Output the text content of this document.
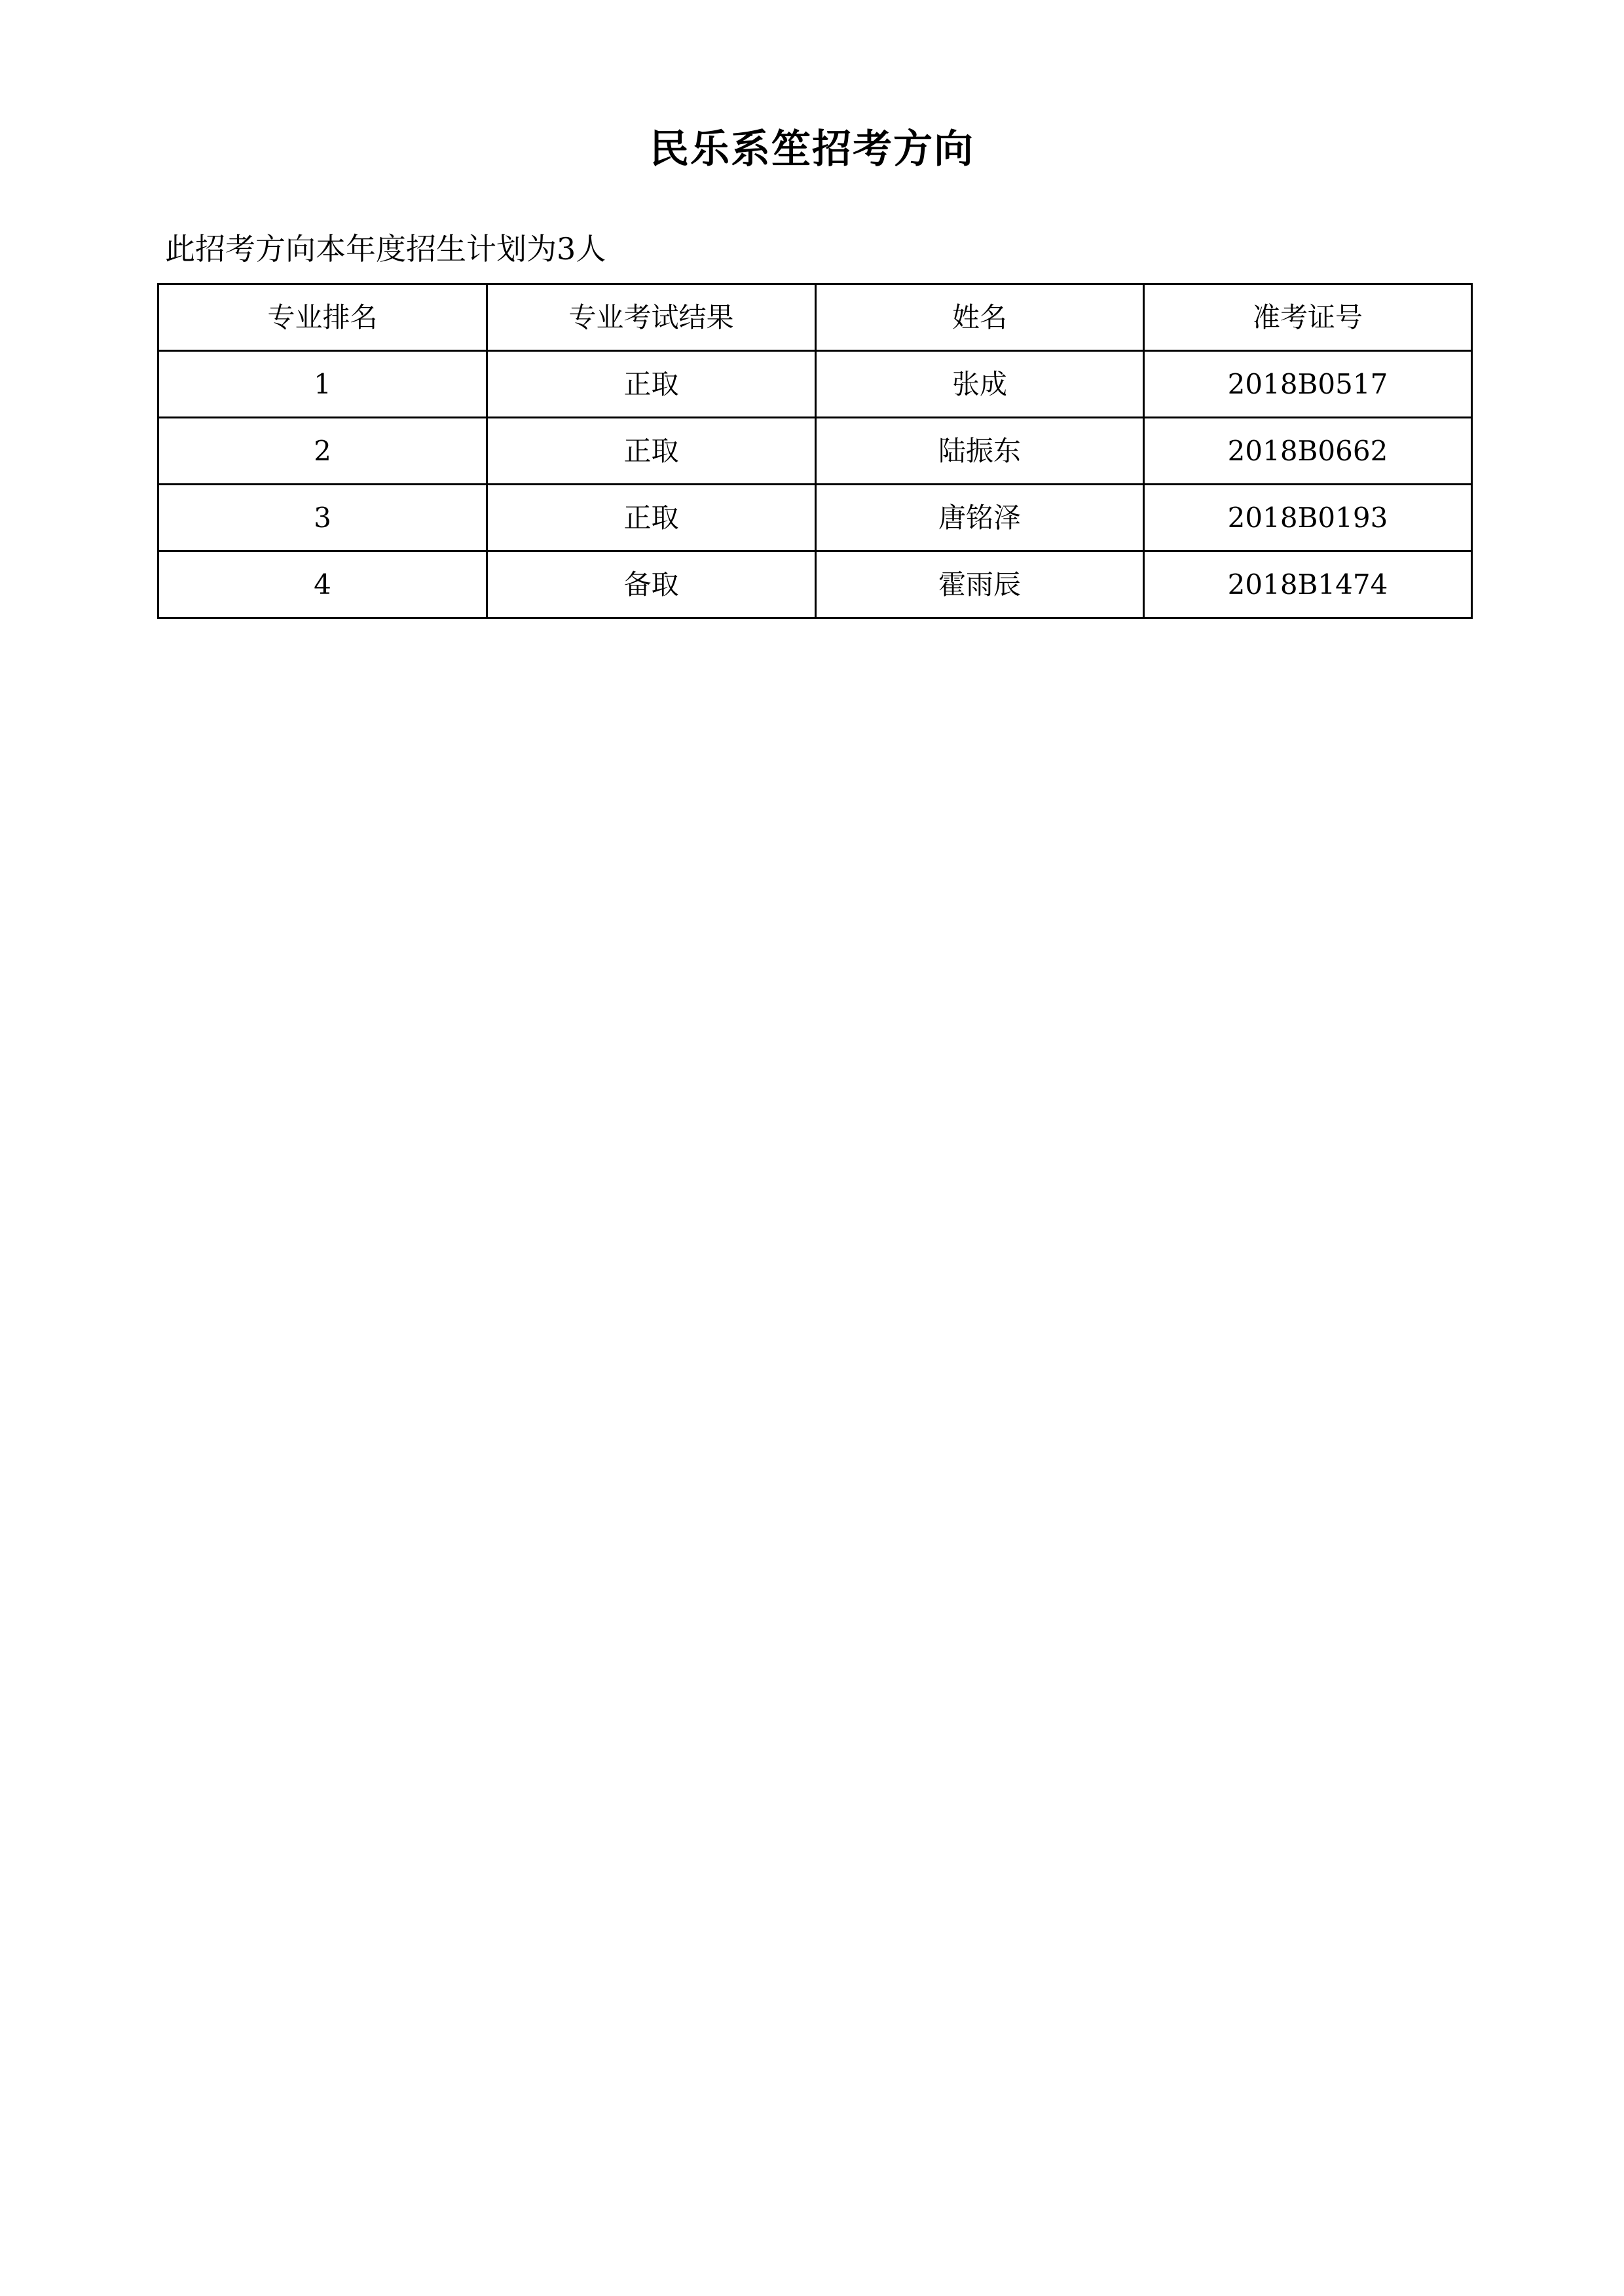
民乐系笙招考方向
此招考方向本年度招生计划为3人
专业排名	专业考试结果	姓名	准考证号
1	正取	张成	2018B0517
2	正取	陆振东	2018B0662
3	正取	唐铭泽	2018B0193
4	备取	霍雨辰	2018B1474
